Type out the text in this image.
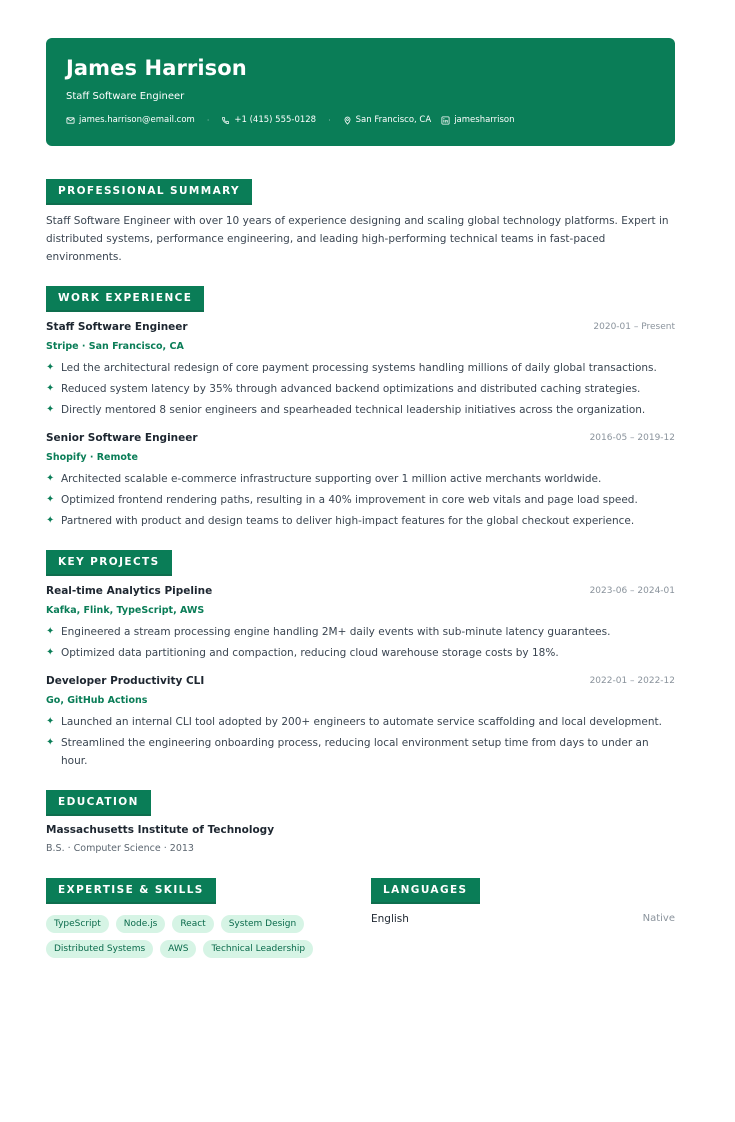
James Harrison
Staff Software Engineer
james.harrison@email.com ·	+1 (415) 555-0128 ·	San Francisco, CA	jamesharrison
PROFESSIONAL SUMMARY
Staff Software Engineer with over 10 years of experience designing and scaling global technology platforms. Expert in distributed systems, performance engineering, and leading high-performing technical teams in fast-paced environments.
WORK EXPERIENCE
Staff Software Engineer	2020-01 – Present
Stripe · San Francisco, CA
✦ Led the architectural redesign of core payment processing systems handling millions of daily global transactions.
✦ Reduced system latency by 35% through advanced backend optimizations and distributed caching strategies.
✦ Directly mentored 8 senior engineers and spearheaded technical leadership initiatives across the organization.
Senior Software Engineer	2016-05 – 2019-12
Shopify · Remote
✦ Architected scalable e-commerce infrastructure supporting over 1 million active merchants worldwide.
✦ Optimized frontend rendering paths, resulting in a 40% improvement in core web vitals and page load speed.
✦ Partnered with product and design teams to deliver high-impact features for the global checkout experience.
KEY PROJECTS
Real-time Analytics Pipeline	2023-06 – 2024-01
Kafka, Flink, TypeScript, AWS
✦ Engineered a stream processing engine handling 2M+ daily events with sub-minute latency guarantees.
✦ Optimized data partitioning and compaction, reducing cloud warehouse storage costs by 18%.
Developer Productivity CLI	2022-01 – 2022-12
Go, GitHub Actions
✦ Launched an internal CLI tool adopted by 200+ engineers to automate service scaffolding and local development.
✦ Streamlined the engineering onboarding process, reducing local environment setup time from days to under an hour.
EDUCATION
Massachusetts Institute of Technology
B.S. · Computer Science · 2013
EXPERTISE & SKILLS
TypeScript	Node.js	React	System Design
Distributed Systems	AWS	Technical Leadership
LANGUAGES
English	Native
